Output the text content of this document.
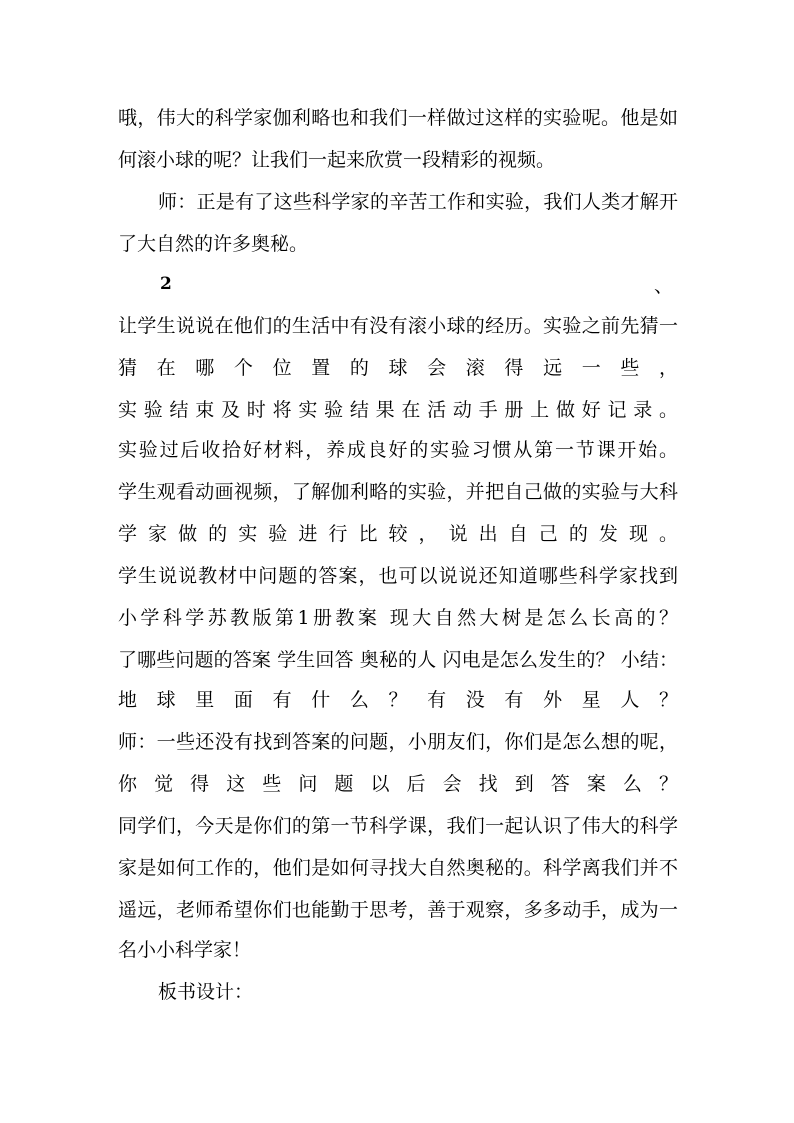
哦，伟大的科学家伽利略也和我们一样做过这样的实验呢。他是如
何滚小球的呢？让我们一起来欣赏一段精彩的视频。
师：正是有了这些科学家的辛苦工作和实验，我们人类才解开
了大自然的许多奥秘。
2	、
让学生说说在他们的生活中有没有滚小球的经历。实验之前先猜一
猜 在 哪 个 位 置 的 球 会 滚 得 远 一 些 ，
实验结束及时将实验结果在活动手册上做好记录。
实验过后收拾好材料，养成良好的实验习惯从第一节课开始。
学生观看动画视频，了解伽利略的实验，并把自己做的实验与大科
学 家 做 的 实 验 进 行 比 较 ， 说 出 自 己 的 发 现 。
学生说说教材中问题的答案，也可以说说还知道哪些科学家找到
小学科学苏教版第1册教案 现大自然大树是怎么长高的？
了哪些问题的答案 学生回答 奥秘的人 闪电是怎么发生的？ 小结：
地 球 里 面 有 什 么 ？ 有 没 有 外 星 人 ？
师：一些还没有找到答案的问题，小朋友们，你们是怎么想的呢，
你 觉 得 这 些 问 题 以 后 会 找 到 答 案 么 ？
同学们，今天是你们的第一节科学课，我们一起认识了伟大的科学
家是如何工作的，他们是如何寻找大自然奥秘的。科学离我们并不
遥远，老师希望你们也能勤于思考，善于观察，多多动手，成为一
名小小科学家！
板书设计：
